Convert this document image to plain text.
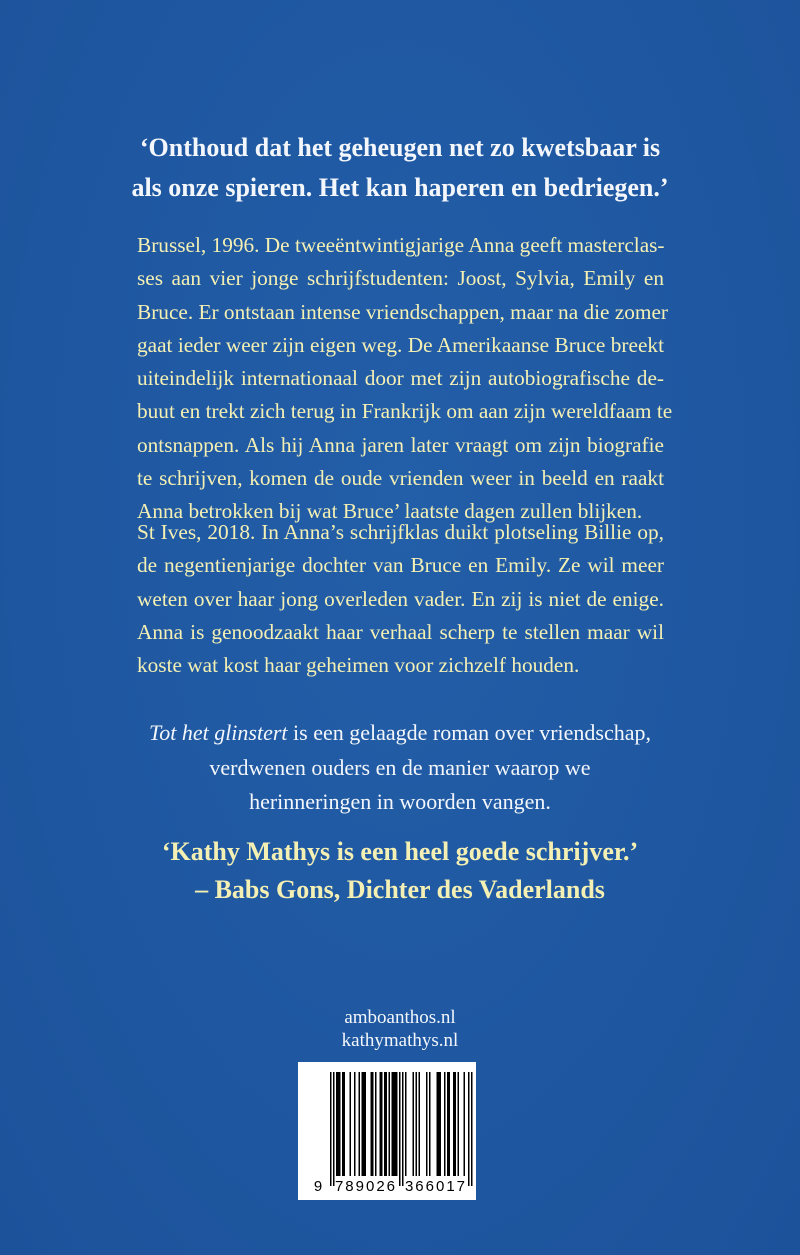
‘Onthoud dat het geheugen net zo kwetsbaar is
als onze spieren. Het kan haperen en bedriegen.’
Brussel, 1996. De tweeëntwintigjarige Anna geeft masterclas-
ses aan vier jonge schrijfstudenten: Joost, Sylvia, Emily en
Bruce. Er ontstaan intense vriendschappen, maar na die zomer
gaat ieder weer zijn eigen weg. De Amerikaanse Bruce breekt
uiteindelijk internationaal door met zijn autobiografische de-
buut en trekt zich terug in Frankrijk om aan zijn wereldfaam te
ontsnappen. Als hij Anna jaren later vraagt om zijn biografie
te schrijven, komen de oude vrienden weer in beeld en raakt
Anna betrokken bij wat Bruce’ laatste dagen zullen blijken.
St Ives, 2018. In Anna’s schrijfklas duikt plotseling Billie op,
de negentienjarige dochter van Bruce en Emily. Ze wil meer
weten over haar jong overleden vader. En zij is niet de enige.
Anna is genoodzaakt haar verhaal scherp te stellen maar wil
koste wat kost haar geheimen voor zichzelf houden.
Tot het glinstert is een gelaagde roman over vriendschap,
verdwenen ouders en de manier waarop we
herinneringen in woorden vangen.
‘Kathy Mathys is een heel goede schrijver.’
– Babs Gons, Dichter des Vaderlands
amboanthos.nl
kathymathys.nl
9 789026 366017
